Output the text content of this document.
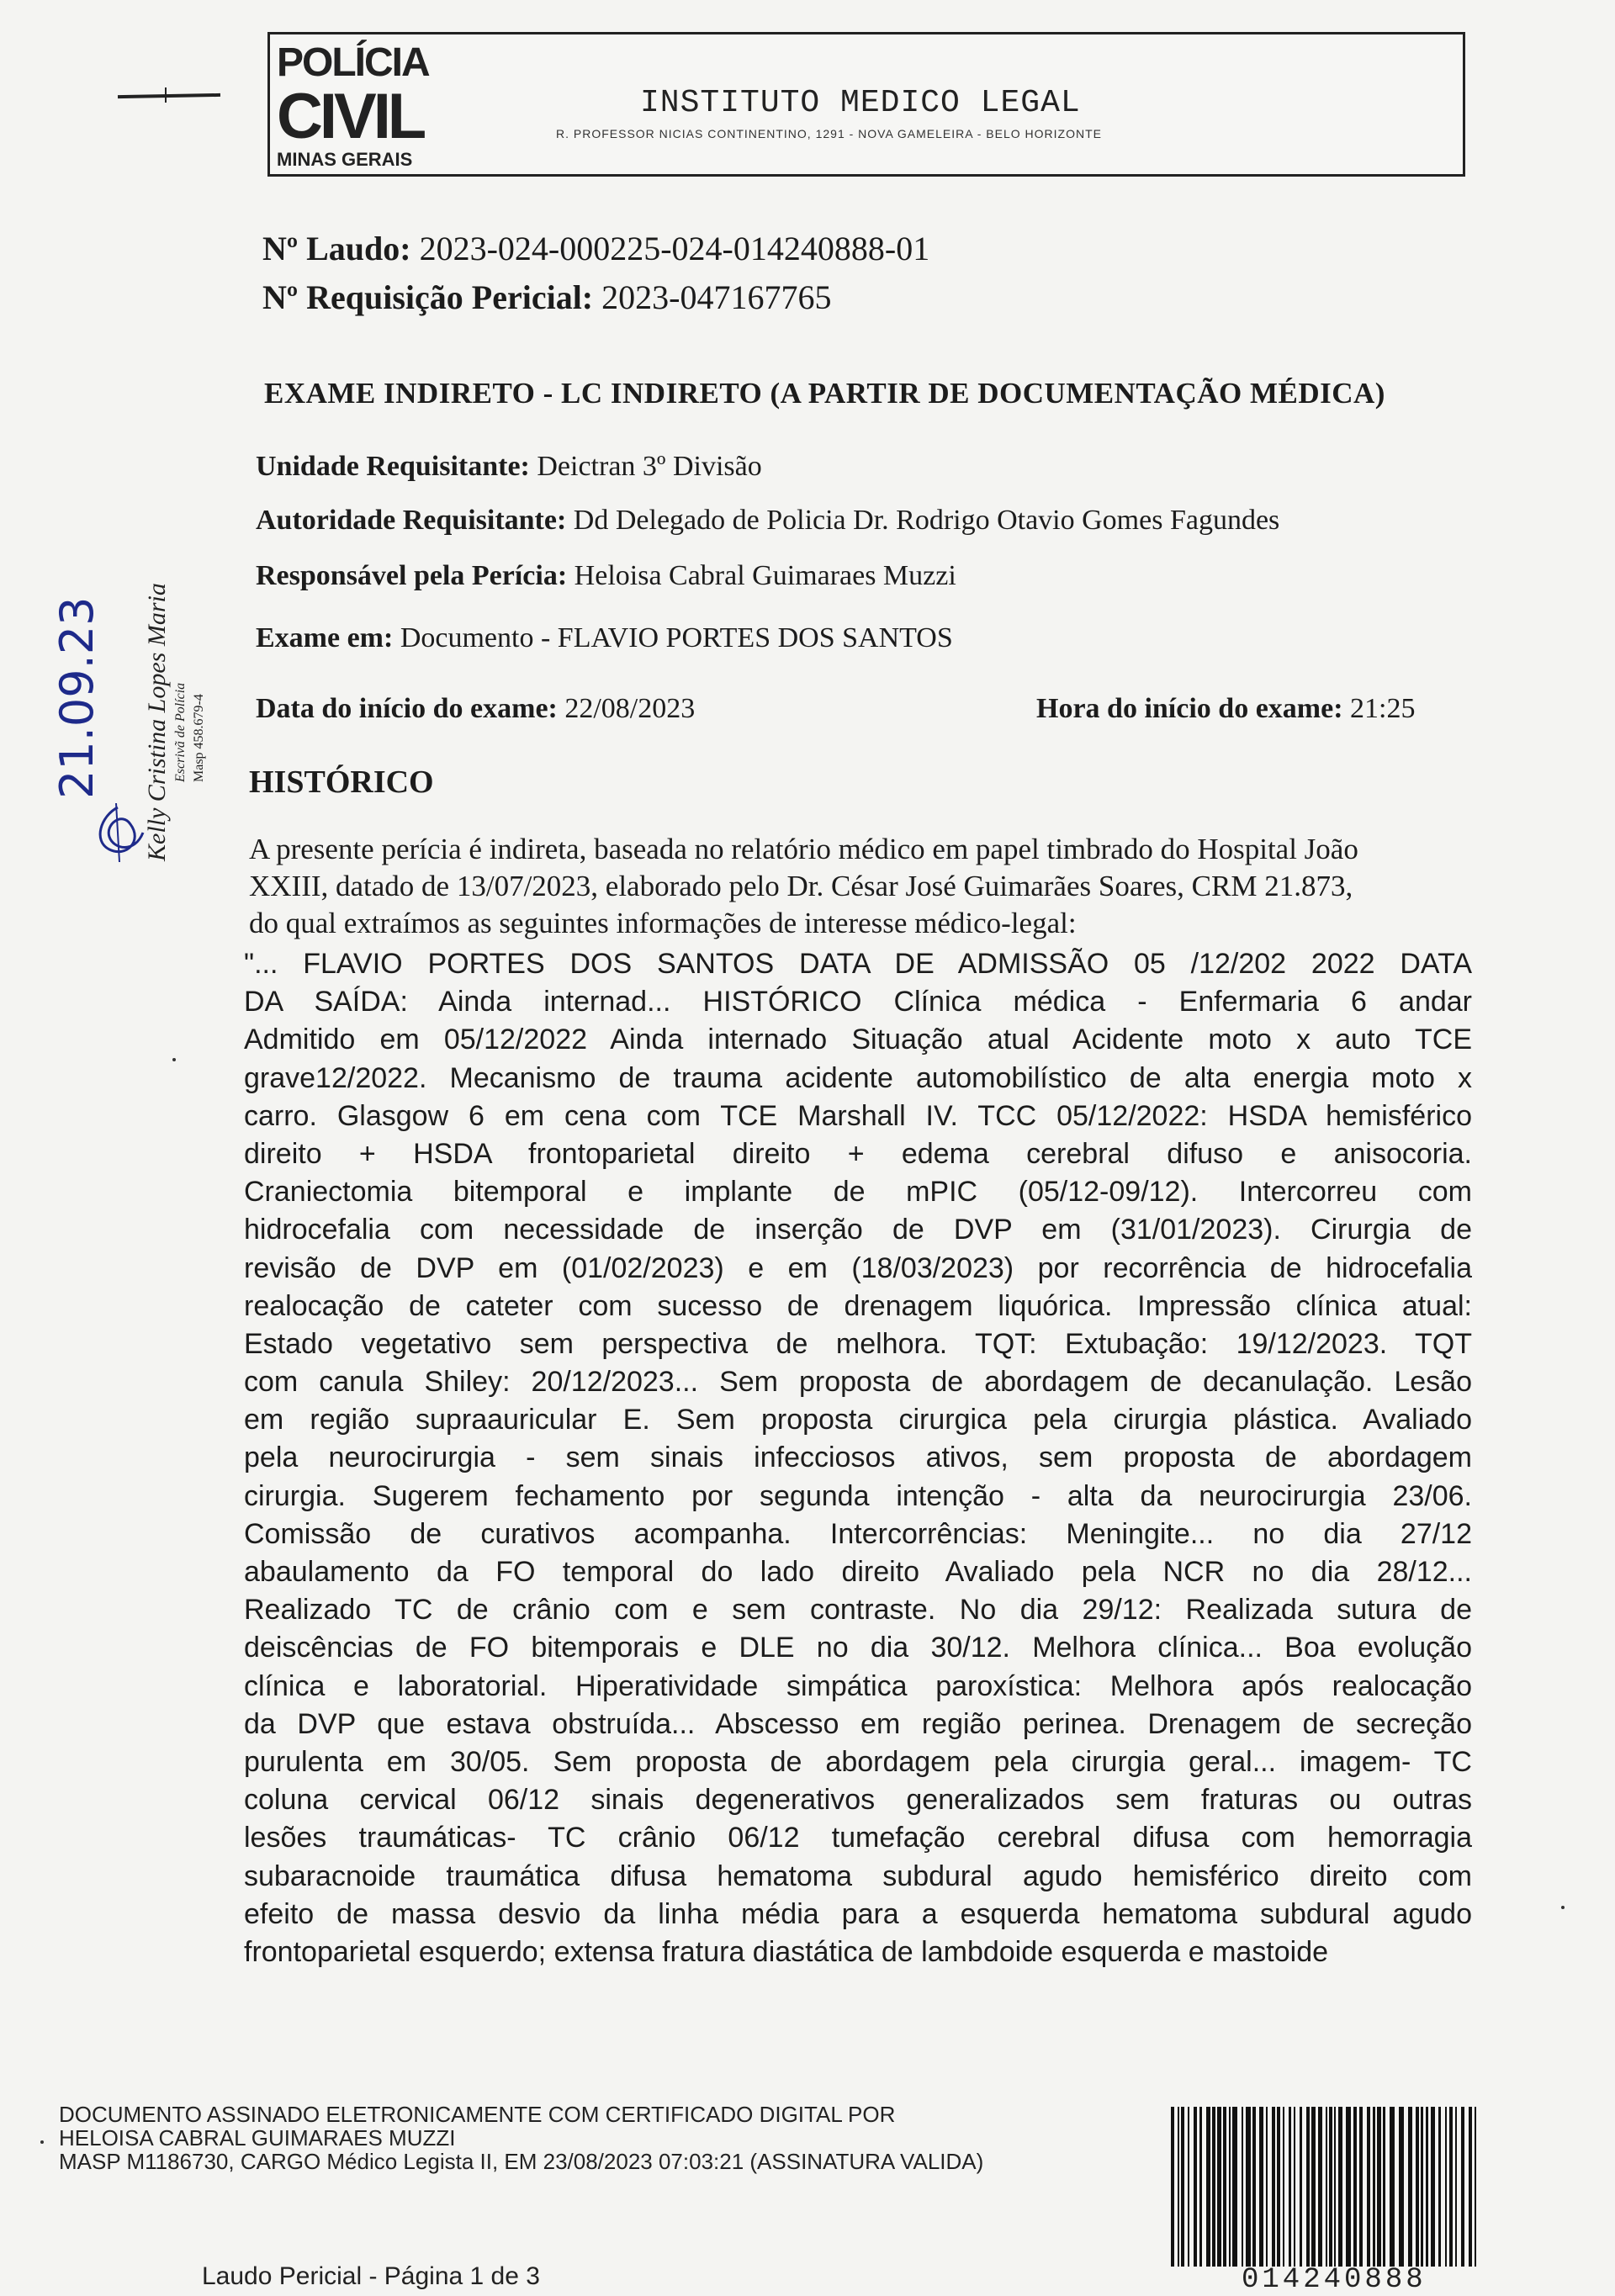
POLÍCIA
CIVIL
MINAS GERAIS
INSTITUTO MEDICO LEGAL
R. PROFESSOR NICIAS CONTINENTINO, 1291 - NOVA GAMELEIRA - BELO HORIZONTE
Nº Laudo: 2023-024-000225-024-014240888-01
Nº Requisição Pericial: 2023-047167765
EXAME INDIRETO - LC INDIRETO (A PARTIR DE DOCUMENTAÇÃO MÉDICA)
Unidade Requisitante: Deictran 3º Divisão
Autoridade Requisitante: Dd Delegado de Policia Dr. Rodrigo Otavio Gomes Fagundes
Responsável pela Perícia: Heloisa Cabral Guimaraes Muzzi
Exame em: Documento - FLAVIO PORTES DOS SANTOS
Data do início do exame: 22/08/2023	Hora do início do exame: 21:25
HISTÓRICO

A presente perícia é indireta, baseada no relatório médico em papel timbrado do Hospital João

XXIII, datado de 13/07/2023, elaborado pelo Dr. César José Guimarães Soares, CRM 21.873,

do qual extraímos as seguintes informações de interesse médico-legal:

"... FLAVIO PORTES DOS SANTOS DATA DE ADMISSÃO 05 /12/202 2022 DATA
DA SAÍDA: Ainda internad... HISTÓRICO Clínica médica - Enfermaria 6 andar
Admitido em 05/12/2022 Ainda internado Situação atual Acidente moto x auto TCE
grave12/2022. Mecanismo de trauma acidente automobilístico de alta energia moto x
carro. Glasgow 6 em cena com TCE Marshall IV. TCC 05/12/2022: HSDA hemisférico
direito + HSDA frontoparietal direito + edema cerebral difuso e anisocoria.
Craniectomia bitemporal e implante de mPIC (05/12-09/12). Intercorreu com
hidrocefalia com necessidade de inserção de DVP em (31/01/2023). Cirurgia de
revisão de DVP em (01/02/2023) e em (18/03/2023) por recorrência de hidrocefalia
realocação de cateter com sucesso de drenagem liquórica. Impressão clínica atual:
Estado vegetativo sem perspectiva de melhora. TQT: Extubação: 19/12/2023. TQT
com canula Shiley: 20/12/2023... Sem proposta de abordagem de decanulação. Lesão
em região supraauricular E. Sem proposta cirurgica pela cirurgia plástica. Avaliado
pela neurocirurgia - sem sinais infecciosos ativos, sem proposta de abordagem
cirurgia. Sugerem fechamento por segunda intenção - alta da neurocirurgia 23/06.
Comissão de curativos acompanha. Intercorrências: Meningite... no dia 27/12
abaulamento da FO temporal do lado direito Avaliado pela NCR no dia 28/12...
Realizado TC de crânio com e sem contraste. No dia 29/12: Realizada sutura de
deiscências de FO bitemporais e DLE no dia 30/12. Melhora clínica... Boa evolução
clínica e laboratorial. Hiperatividade simpática paroxística: Melhora após realocação
da DVP que estava obstruída... Abscesso em região perinea. Drenagem de secreção
purulenta em 30/05. Sem proposta de abordagem pela cirurgia geral... imagem- TC
coluna cervical 06/12 sinais degenerativos generalizados sem fraturas ou outras
lesões traumáticas- TC crânio 06/12 tumefação cerebral difusa com hemorragia
subaracnoide traumática difusa hematoma subdural agudo hemisférico direito com
efeito de massa desvio da linha média para a esquerda hematoma subdural agudo
frontoparietal esquerdo; extensa fratura diastática de lambdoide esquerda e mastoide
21.09.23 Kelly Cristina Lopes Maria Escrivã de Polícia Masp 458.679-4
DOCUMENTO ASSINADO ELETRONICAMENTE COM CERTIFICADO DIGITAL POR
HELOISA CABRAL GUIMARAES MUZZI
MASP M1186730, CARGO Médico Legista II, EM 23/08/2023 07:03:21 (ASSINATURA VALIDA)
014240888
Laudo Pericial - Página 1 de 3
